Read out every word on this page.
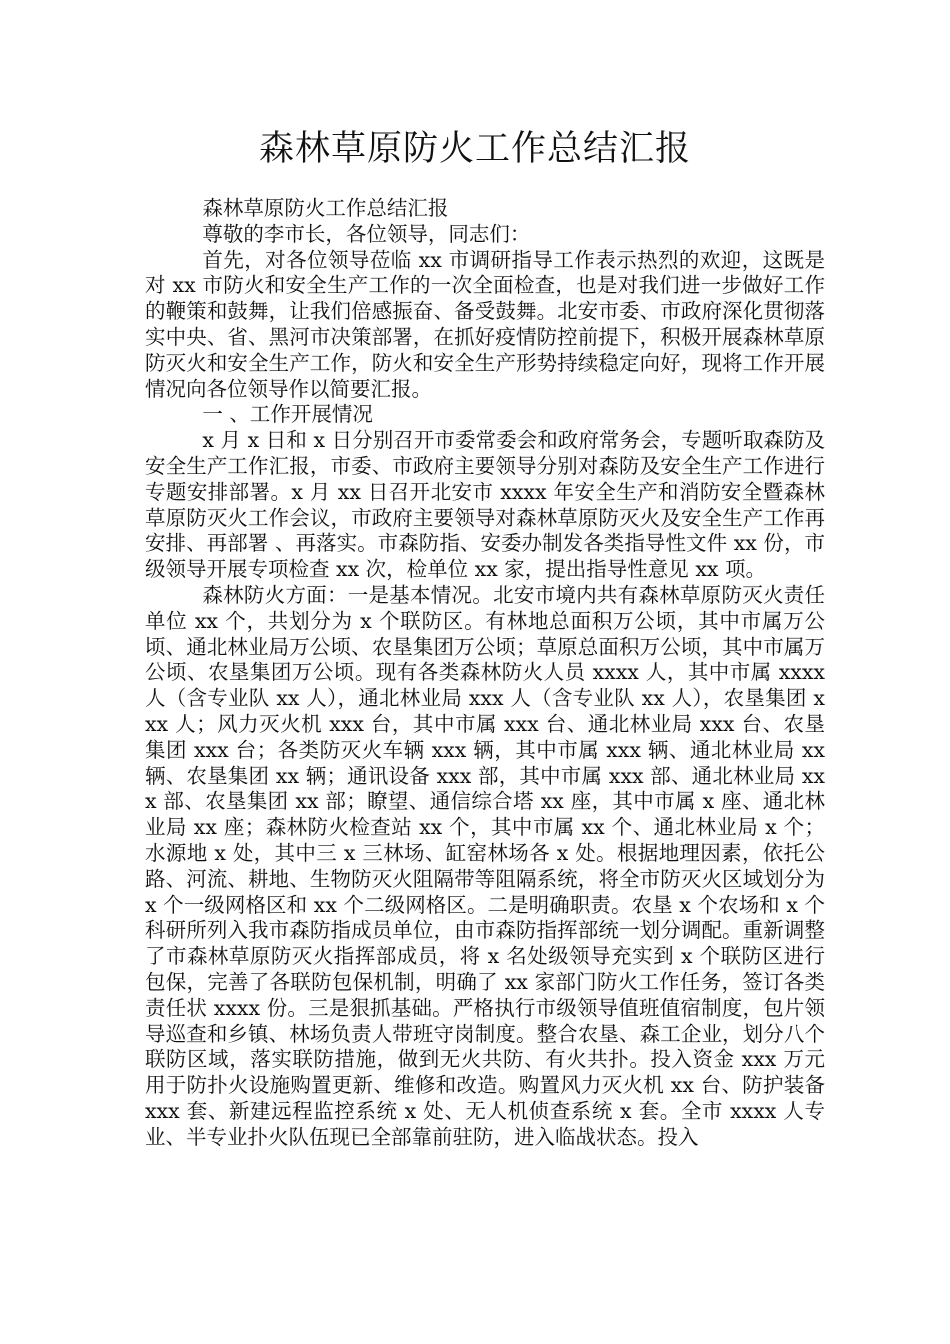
森林草原防火工作总结汇报

森林草原防火工作总结汇报

尊敬的李市长，各位领导，同志们：

首先，对各位领导莅临 xx 市调研指导工作表示热烈的欢迎，这既是对 xx 市防火和安全生产工作的一次全面检查，也是对我们进一步做好工作的鞭策和鼓舞，让我们倍感振奋、备受鼓舞。北安市委、市政府深化贯彻落实中央、省、黑河市决策部署，在抓好疫情防控前提下，积极开展森林草原防灭火和安全生产工作，防火和安全生产形势持续稳定向好，现将工作开展情况向各位领导作以简要汇报。

一 、工作开展情况

x 月 x 日和 x 日分别召开市委常委会和政府常务会，专题听取森防及安全生产工作汇报，市委、市政府主要领导分别对森防及安全生产工作进行专题安排部署。x 月 xx 日召开北安市 xxxx 年安全生产和消防安全暨森林草原防灭火工作会议，市政府主要领导对森林草原防灭火及安全生产工作再安排、再部署 、再落实。市森防指、安委办制发各类指导性文件 xx 份，市级领导开展专项检查 xx 次，检单位 xx 家，提出指导性意见 xx 项。

森林防火方面：一是基本情况。北安市境内共有森林草原防灭火责任单位 xx 个，共划分为 x 个联防区。有林地总面积万公顷，其中市属万公顷、通北林业局万公顷、农垦集团万公顷；草原总面积万公顷，其中市属万公顷、农垦集团万公顷。现有各类森林防火人员 xxxx 人，其中市属 xxxx 人（含专业队 xx 人），通北林业局 xxx 人（含专业队 xx 人），农垦集团 xxx 人；风力灭火机 xxx 台，其中市属 xxx 台、通北林业局 xxx 台、农垦集团 xxx 台；各类防灭火车辆 xxx 辆，其中市属 xxx 辆、通北林业局 xx 辆、农垦集团 xx 辆；通讯设备 xxx 部，其中市属 xxx 部、通北林业局 xxx 部、农垦集团 xx 部；瞭望、通信综合塔 xx 座，其中市属 x 座、通北林业局 xx 座；森林防火检查站 xx 个，其中市属 xx 个、通北林业局 x 个；水源地 x 处，其中三 x 三林场、缸窑林场各 x 处。根据地理因素，依托公路、河流、耕地、生物防灭火阻隔带等阻隔系统，将全市防灭火区域划分为 x 个一级网格区和 xx 个二级网格区。二是明确职责。农垦 x 个农场和 x 个科研所列入我市森防指成员单位，由市森防指挥部统一划分调配。重新调整了市森林草原防灭火指挥部成员，将 x 名处级领导充实到 x 个联防区进行包保，完善了各联防包保机制，明确了 xx 家部门防火工作任务，签订各类责任状 xxxx 份。三是狠抓基础。严格执行市级领导值班值宿制度，包片领导巡查和乡镇、林场负责人带班守岗制度。整合农垦、森工企业，划分八个联防区域，落实联防措施，做到无火共防、有火共扑。投入资金 xxx 万元用于防扑火设施购置更新、维修和改造。购置风力灭火机 xx 台、防护装备 xxx 套、新建远程监控系统 x 处、无人机侦查系统 x 套。全市 xxxx 人专业、半专业扑火队伍现已全部靠前驻防，进入临战状态。投入
